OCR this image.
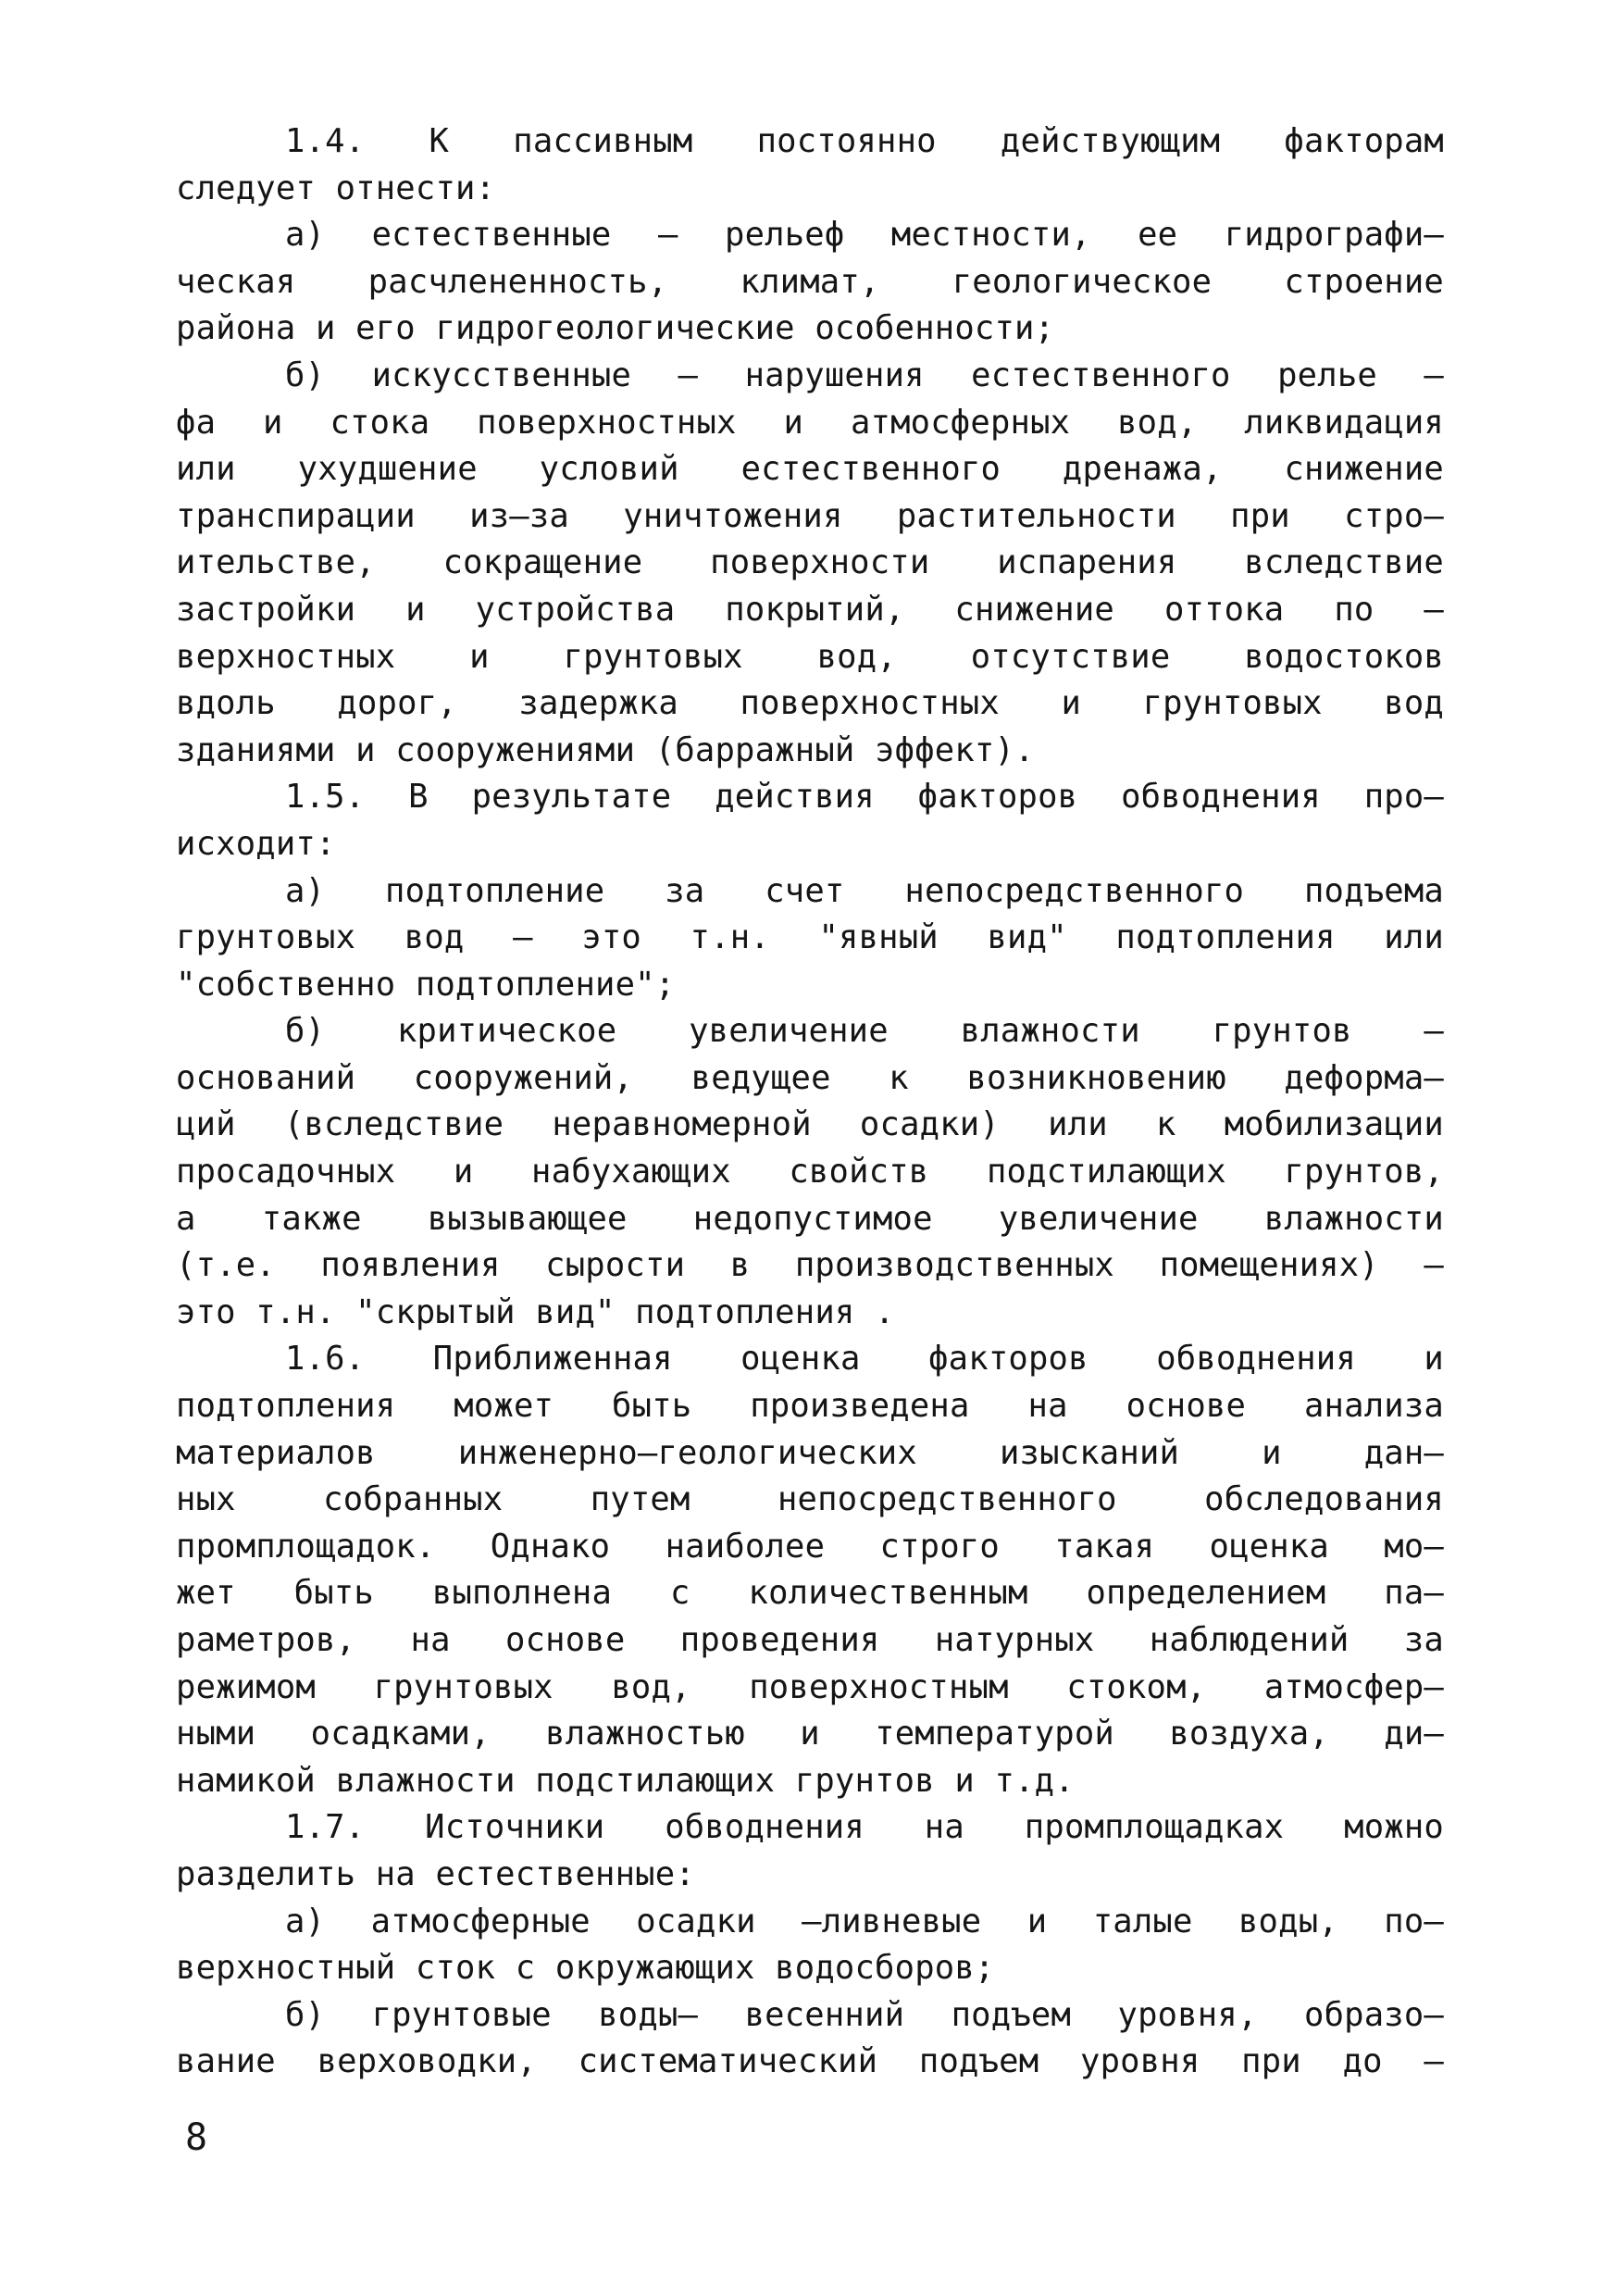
1.4. К пассивным постоянно действующим факторам
следует отнести:
а) естественные – рельеф местности, ее гидрографи–
ческая расчлененность, климат, геологическое строение
района и его гидрогеологические особенности;
б) искусственные – нарушения естественного релье –
фа и стока поверхностных и атмосферных вод, ликвидация
или ухудшение условий естественного дренажа, снижение
транспирации из–за уничтожения растительности при стро–
ительстве, сокращение поверхности испарения вследствие
застройки и устройства покрытий, снижение оттока по –
верхностных и грунтовых вод, отсутствие водостоков
вдоль дорог, задержка поверхностных и грунтовых вод
зданиями и сооружениями (барражный эффект).
1.5. В результате действия факторов обводнения про–
исходит:
а) подтопление за счет непосредственного подъема
грунтовых вод – это т.н. "явный вид" подтопления или
"собственно подтопление";
б) критическое увеличение влажности грунтов –
оснований сооружений, ведущее к возникновению деформа–
ций (вследствие неравномерной осадки) или к мобилизации
просадочных и набухающих свойств подстилающих грунтов,
а также вызывающее недопустимое увеличение влажности
(т.е. появления сырости в производственных помещениях) –
это т.н. "скрытый вид" подтопления .
1.6. Приближенная оценка факторов обводнения и
подтопления может быть произведена на основе анализа
материалов инженерно–геологических изысканий и дан–
ных собранных путем непосредственного обследования
промплощадок. Однако наиболее строго такая оценка мо–
жет быть выполнена с количественным определением па–
раметров, на основе проведения натурных наблюдений за
режимом грунтовых вод, поверхностным стоком, атмосфер–
ными осадками, влажностью и температурой воздуха, ди–
намикой влажности подстилающих грунтов и т.д.
1.7. Источники обводнения на промплощадках можно
разделить на естественные:
а) атмосферные осадки –ливневые и талые воды, по–
верхностный сток с окружающих водосборов;
б) грунтовые воды– весенний подъем уровня, образо–
вание верховодки, систематический подъем уровня при до –
8
